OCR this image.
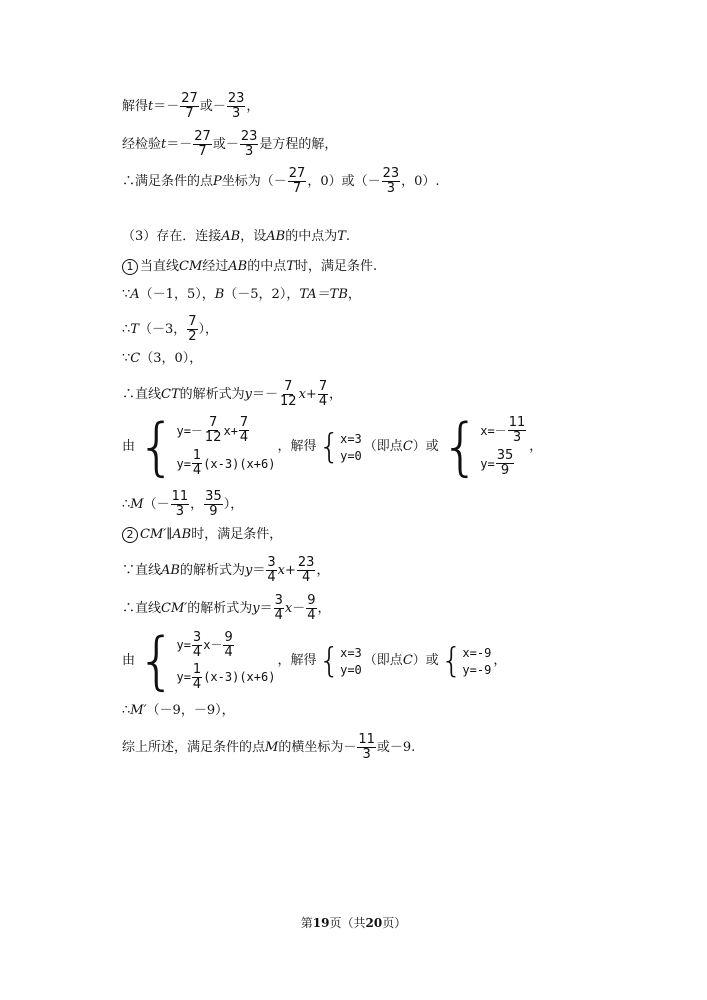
解得 $t =- \frac{27}{7}$ 或－ $\frac{23}{3}$ ，
经检验 $t =- \frac{27}{7}$ 或－ $\frac{23}{3}$ 是方程的解，
∴满足条件的点 P 坐标为（－ $\frac{27}{7}$ ，0）或（－ $\frac{23}{3}$ ，0）.
（3）存在．连接 AB ，设 AB 的中点为 T .
1 当直线 CM 经过 AB 的中点 T 时，满足条件.
∵ A （－1，5）， B （－5，2）， TA＝TB ，
∴ T （－3， $\frac{7}{2}$ ），
∵ C （3，0），
∴直线 CT 的解析式为 $y =- \frac{7}{12}$ $x + \frac{7}{4}$ ，
由 { $y=- \frac{7}{12} x+ \frac{7}{4}$
$y= \frac{1}{4} (x-3)(x+6)$
，解得 { x=3
y=0
（即点 C ）或 { $x=- \frac{11}{3}$
$y= \frac{35}{9}$
，
∴ M （－ $\frac{11}{3}$ ， $\frac{35}{9}$ ），
2 CM′ ∥ AB 时，满足条件，
∵直线 AB 的解析式为 $y = \frac{3}{4}$ $x + \frac{23}{4}$ ，
∴直线 CM′ 的解析式为 $y = \frac{3}{4}$ $x - \frac{9}{4}$ ，
由 { $y= \frac{3}{4} x- \frac{9}{4}$
$y= \frac{1}{4} (x-3)(x+6)$
，解得 { x=3
y=0
（即点 C ）或 { x=-9
y=-9
，
∴ M′ （－9，－9），
综上所述，满足条件的点 M 的横坐标为－ $\frac{11}{3}$ 或－9.
第19页（共20页）
